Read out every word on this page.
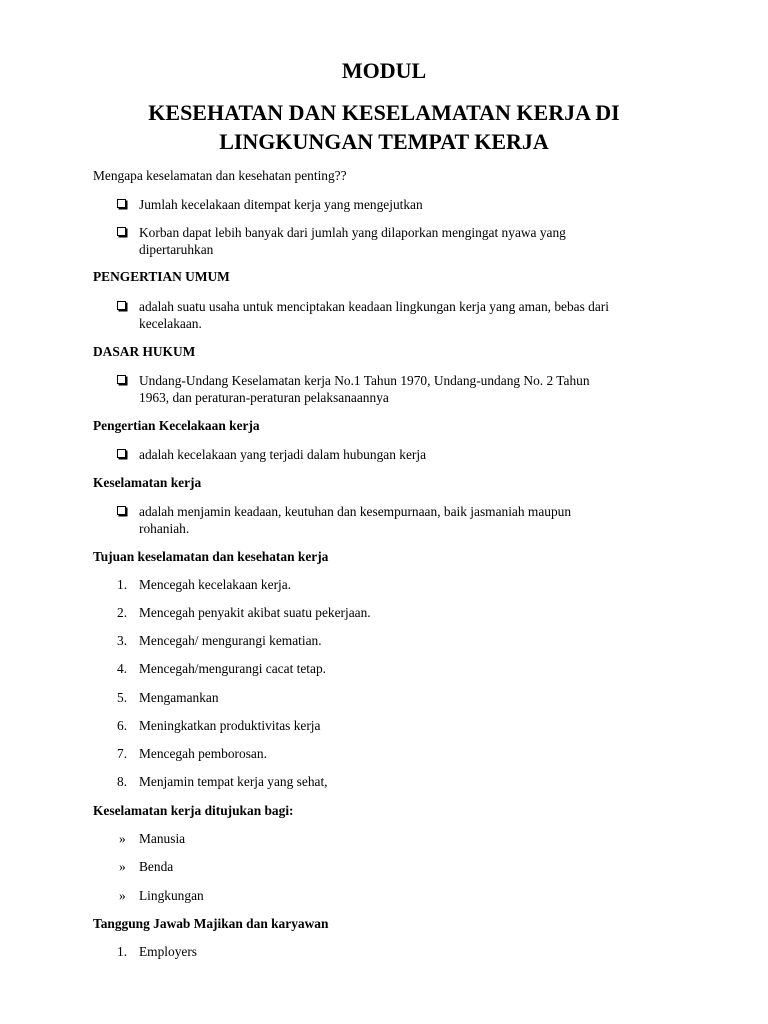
MODUL
KESEHATAN DAN KESELAMATAN KERJA DI
LINGKUNGAN TEMPAT KERJA
Mengapa keselamatan dan kesehatan penting??
Jumlah kecelakaan ditempat kerja yang mengejutkan
Korban dapat lebih banyak dari jumlah yang dilaporkan mengingat nyawa yang
dipertaruhkan
PENGERTIAN UMUM
adalah suatu usaha untuk menciptakan keadaan lingkungan kerja yang aman, bebas dari
kecelakaan.
DASAR HUKUM
Undang-Undang Keselamatan kerja No.1 Tahun 1970, Undang-undang No. 2 Tahun
1963, dan peraturan-peraturan pelaksanaannya
Pengertian Kecelakaan kerja
adalah kecelakaan yang terjadi dalam hubungan kerja
Keselamatan kerja
adalah menjamin keadaan, keutuhan dan kesempurnaan, baik jasmaniah maupun
rohaniah.
Tujuan keselamatan dan kesehatan kerja
1. Mencegah kecelakaan kerja.
2. Mencegah penyakit akibat suatu pekerjaan.
3. Mencegah/ mengurangi kematian.
4. Mencegah/mengurangi cacat tetap.
5. Mengamankan
6. Meningkatkan produktivitas kerja
7. Mencegah pemborosan.
8. Menjamin tempat kerja yang sehat,
Keselamatan kerja ditujukan bagi:
» Manusia
» Benda
» Lingkungan
Tanggung Jawab Majikan dan karyawan
1. Employers
